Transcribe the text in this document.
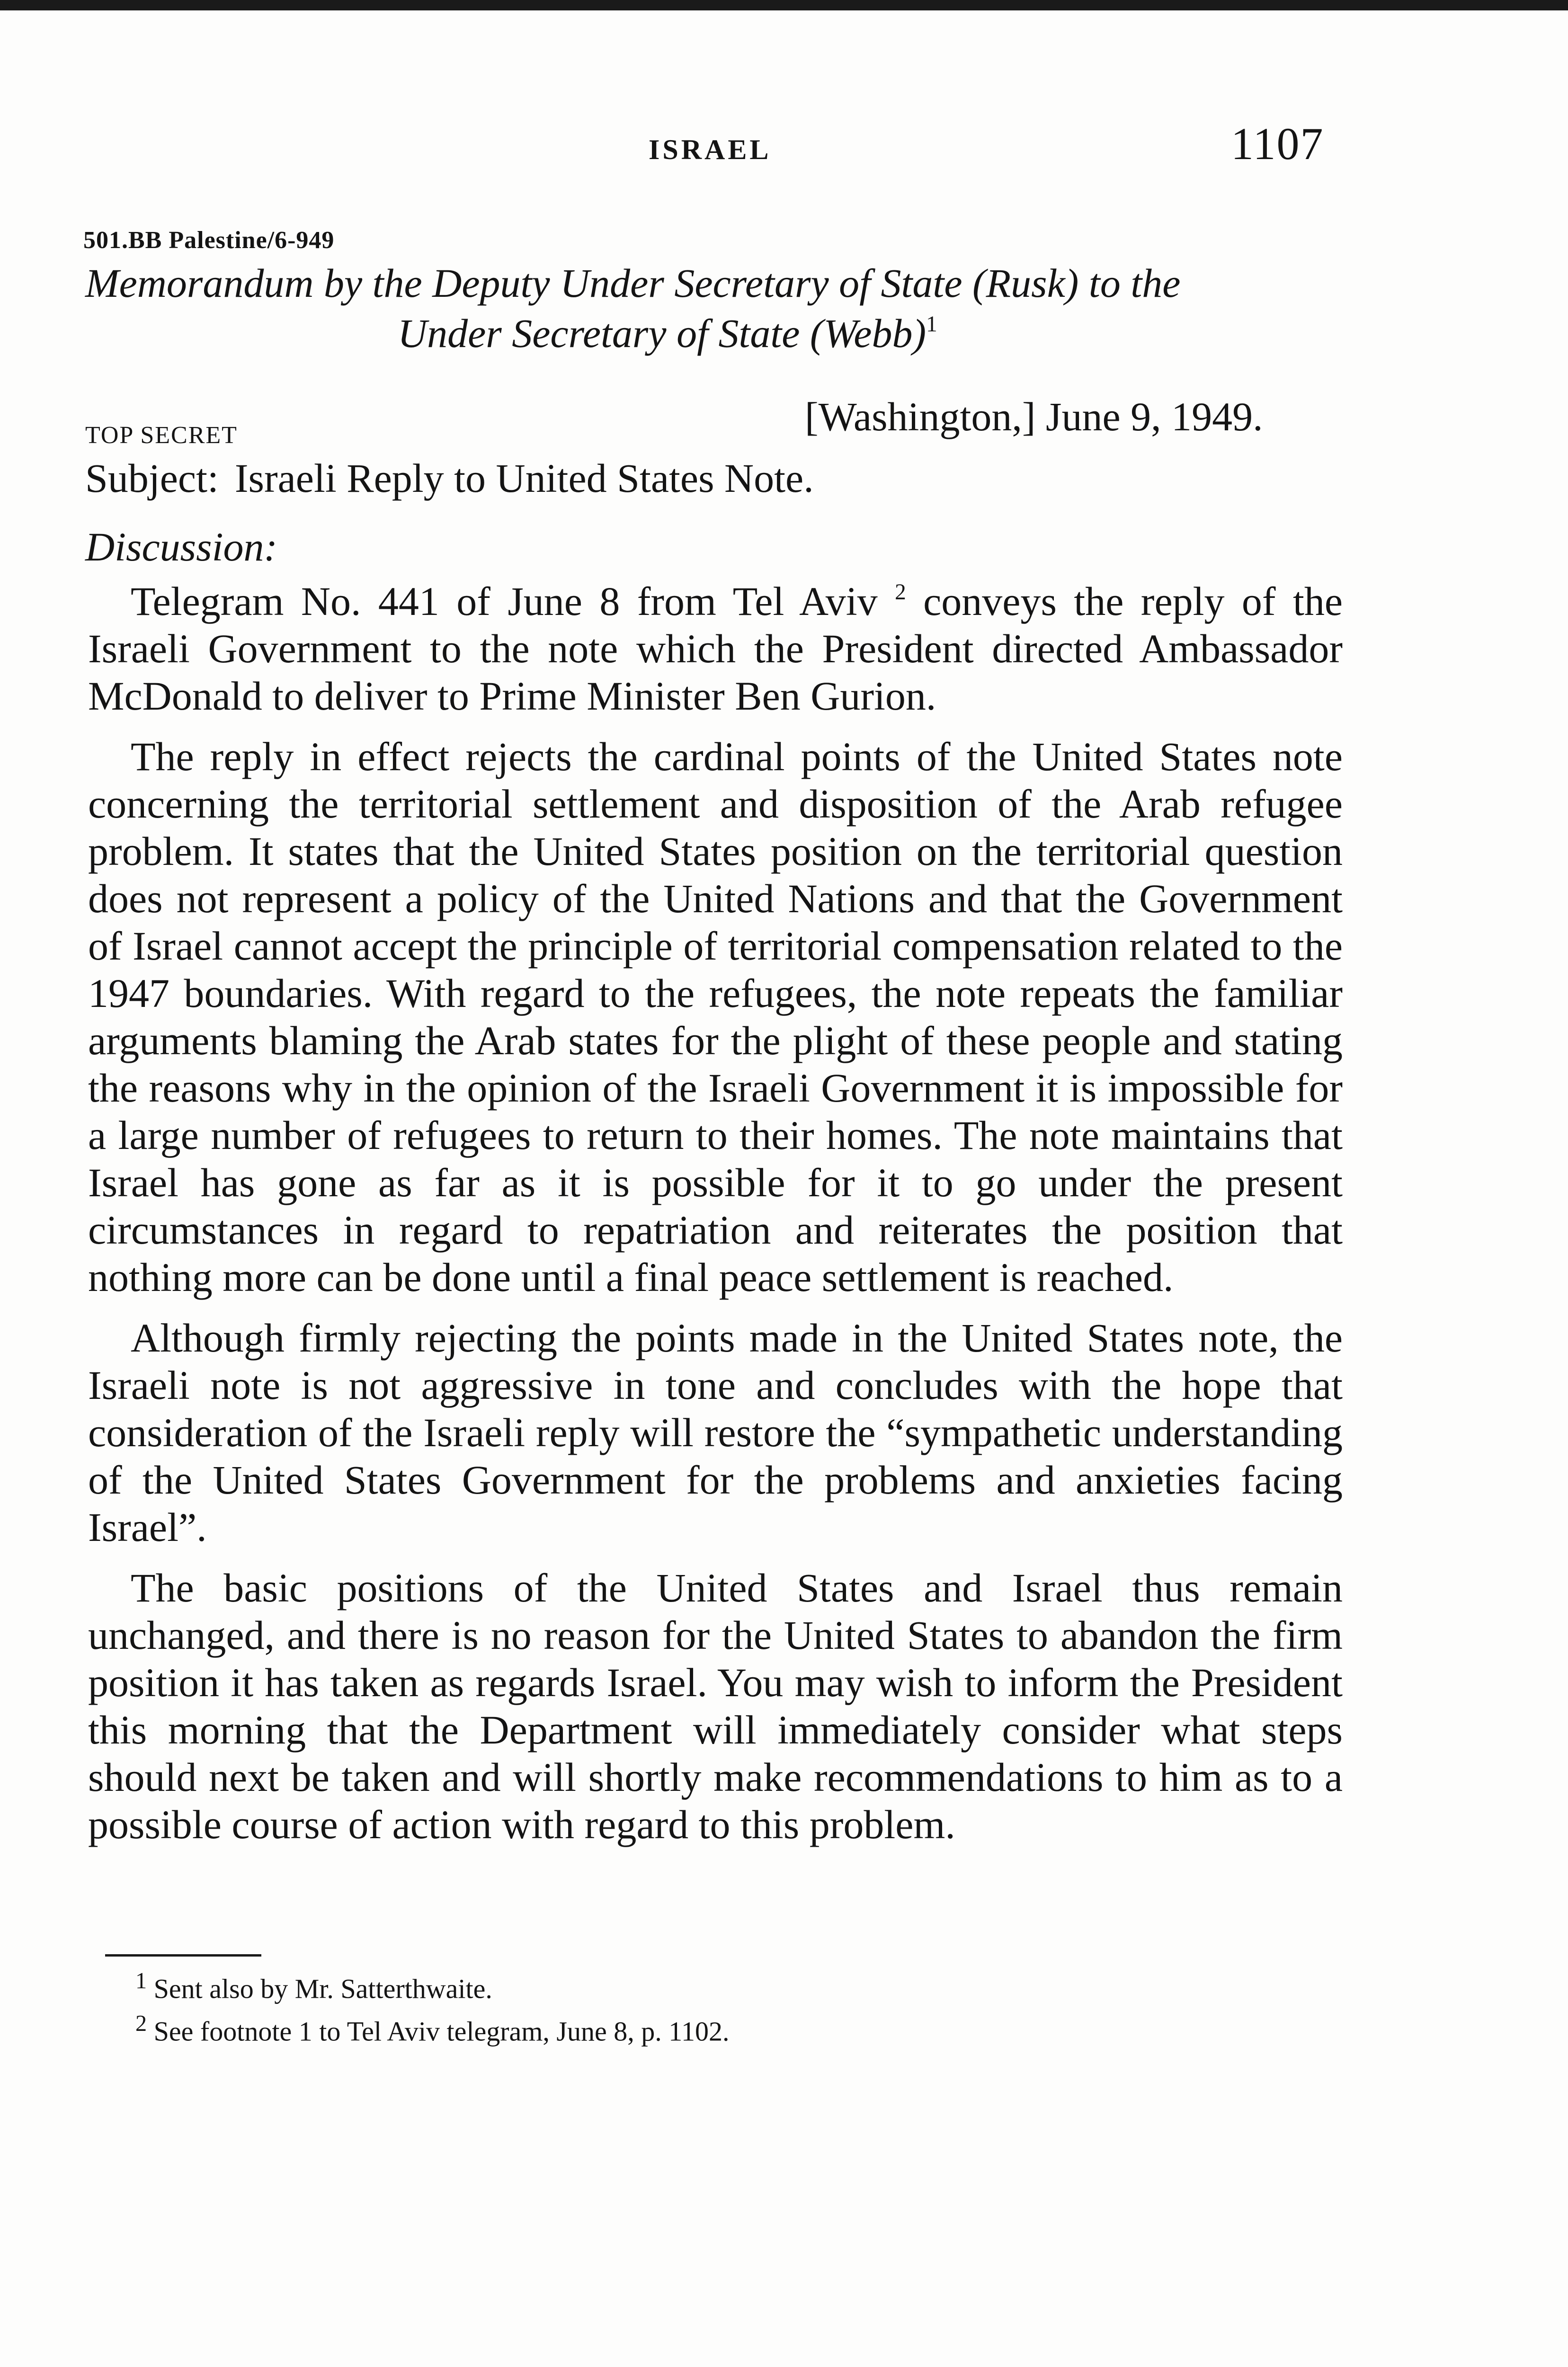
ISRAEL	1107
501.BB Palestine/6-949
Memorandum by the Deputy Under Secretary of State (Rusk) to the
Under Secretary of State (Webb)$^1$
TOP SECRET	[Washington,] June 9, 1949.
Subject: Israeli Reply to United States Note.
Discussion:

Telegram No. 441 of June 8 from Tel Aviv $^2$ conveys the reply of the Israeli Government to the note which the President directed Ambassador McDonald to deliver to Prime Minister Ben Gurion.

The reply in effect rejects the cardinal points of the United States note concerning the territorial settlement and disposition of the Arab refugee problem. It states that the United States position on the territorial question does not represent a policy of the United Nations and that the Government of Israel cannot accept the principle of territorial compensation related to the 1947 boundaries. With regard to the refugees, the note repeats the familiar arguments blaming the Arab states for the plight of these people and stating the reasons why in the opinion of the Israeli Government it is impossible for a large number of refugees to return to their homes. The note maintains that Israel has gone as far as it is possible for it to go under the present circumstances in regard to repatriation and reiterates the position that nothing more can be done until a final peace settlement is reached.

Although firmly rejecting the points made in the United States note, the Israeli note is not aggressive in tone and concludes with the hope that consideration of the Israeli reply will restore the “sympathetic understanding of the United States Government for the problems and anxieties facing Israel”.

The basic positions of the United States and Israel thus remain unchanged, and there is no reason for the United States to abandon the firm position it has taken as regards Israel. You may wish to inform the President this morning that the Department will immediately consider what steps should next be taken and will shortly make recommendations to him as to a possible course of action with regard to this problem.

$^1$ Sent also by Mr. Satterthwaite.
$^2$ See footnote 1 to Tel Aviv telegram, June 8, p. 1102.
